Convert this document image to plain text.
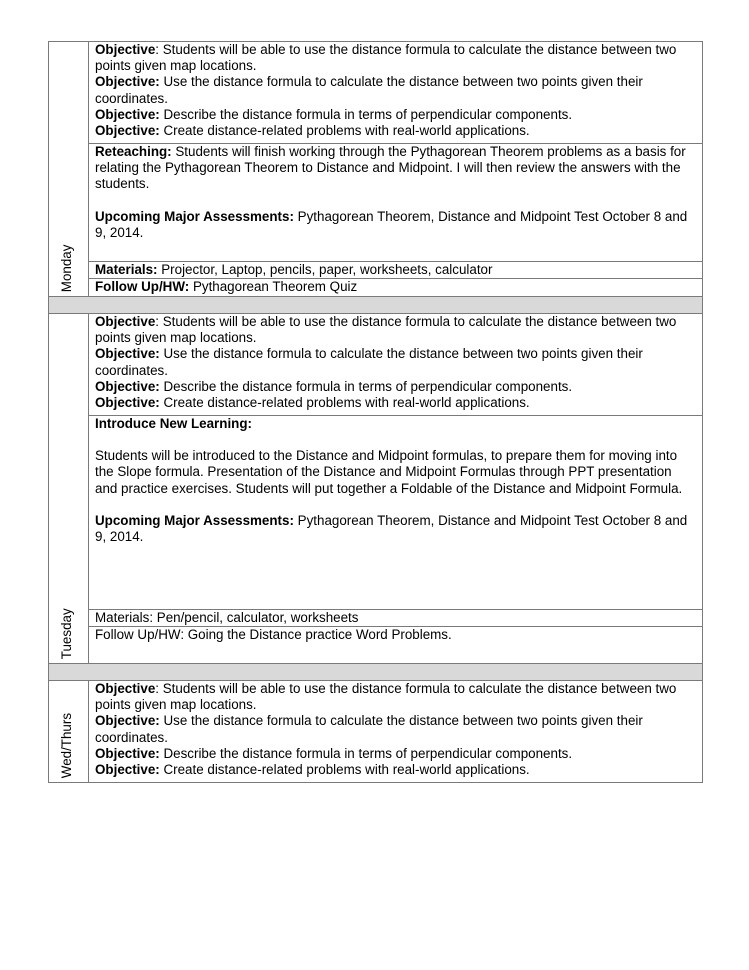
Monday

Objective: Students will be able to use the distance formula to calculate the distance between two points given map locations.

Objective: Use the distance formula to calculate the distance between two points given their coordinates.

Objective: Describe the distance formula in terms of perpendicular components.

Objective: Create distance-related problems with real-world applications.

Reteaching: Students will finish working through the Pythagorean Theorem problems as a basis for relating the Pythagorean Theorem to Distance and Midpoint. I will then review the answers with the students.

Upcoming Major Assessments: Pythagorean Theorem, Distance and Midpoint Test October 8 and 9, 2014.

Materials: Projector, Laptop, pencils, paper, worksheets, calculator

Follow Up/HW: Pythagorean Theorem Quiz

Tuesday

Objective: Students will be able to use the distance formula to calculate the distance between two points given map locations.

Objective: Use the distance formula to calculate the distance between two points given their coordinates.

Objective: Describe the distance formula in terms of perpendicular components.

Objective: Create distance-related problems with real-world applications.

Introduce New Learning:

Students will be introduced to the Distance and Midpoint formulas, to prepare them for moving into the Slope formula. Presentation of the Distance and Midpoint Formulas through PPT presentation and practice exercises. Students will put together a Foldable of the Distance and Midpoint Formula.

Upcoming Major Assessments: Pythagorean Theorem, Distance and Midpoint Test October 8 and 9, 2014.

Materials: Pen/pencil, calculator, worksheets

Follow Up/HW: Going the Distance practice Word Problems.

Wed/Thurs

Objective: Students will be able to use the distance formula to calculate the distance between two points given map locations.

Objective: Use the distance formula to calculate the distance between two points given their coordinates.

Objective: Describe the distance formula in terms of perpendicular components.

Objective: Create distance-related problems with real-world applications.
